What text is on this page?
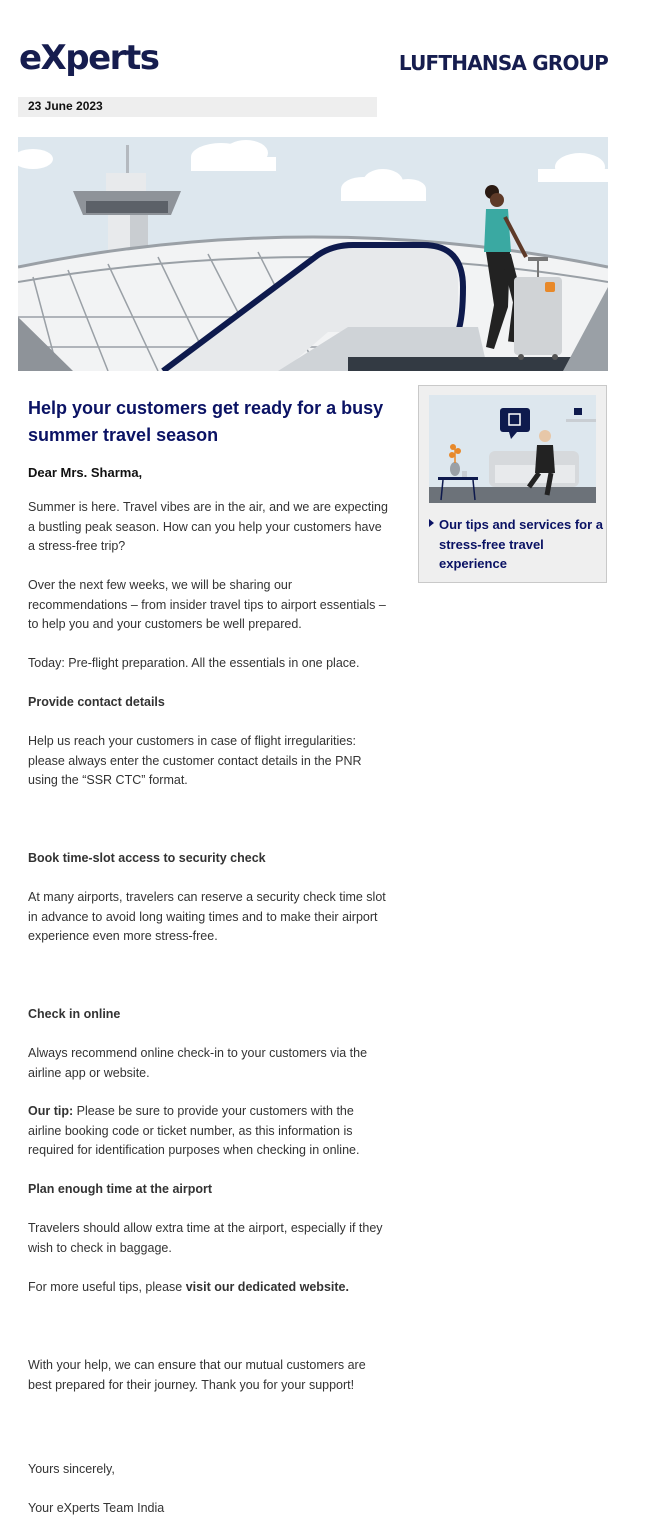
eXperts	LUFTHANSA GROUP
23 June 2023
Help your customers get ready for a busy summer travel season
Dear Mrs. Sharma,

Summer is here. Travel vibes are in the air, and we are expecting a bustling peak season. How can you help your customers have a stress-free trip?

Over the next few weeks, we will be sharing our recommendations – from insider travel tips to airport essentials – to help you and your customers be well prepared.

Today: Pre-flight preparation. All the essentials in one place.

Provide contact details

Help us reach your customers in case of flight irregularities: please always enter the customer contact details in the PNR using the “SSR CTC” format.

Book time-slot access to security check

At many airports, travelers can reserve a security check time slot in advance to avoid long waiting times and to make their airport experience even more stress-free.

Check in online

Always recommend online check-in to your customers via the airline app or website.

Our tip: Please be sure to provide your customers with the airline booking code or ticket number, as this information is required for identification purposes when checking in online.

Plan enough time at the airport

Travelers should allow extra time at the airport, especially if they wish to check in baggage.

For more useful tips, please visit our dedicated website.

With your help, we can ensure that our mutual customers are best prepared for their journey. Thank you for your support!

Yours sincerely,

Your eXperts Team India

Our tips and services for a stress-free travel experience
